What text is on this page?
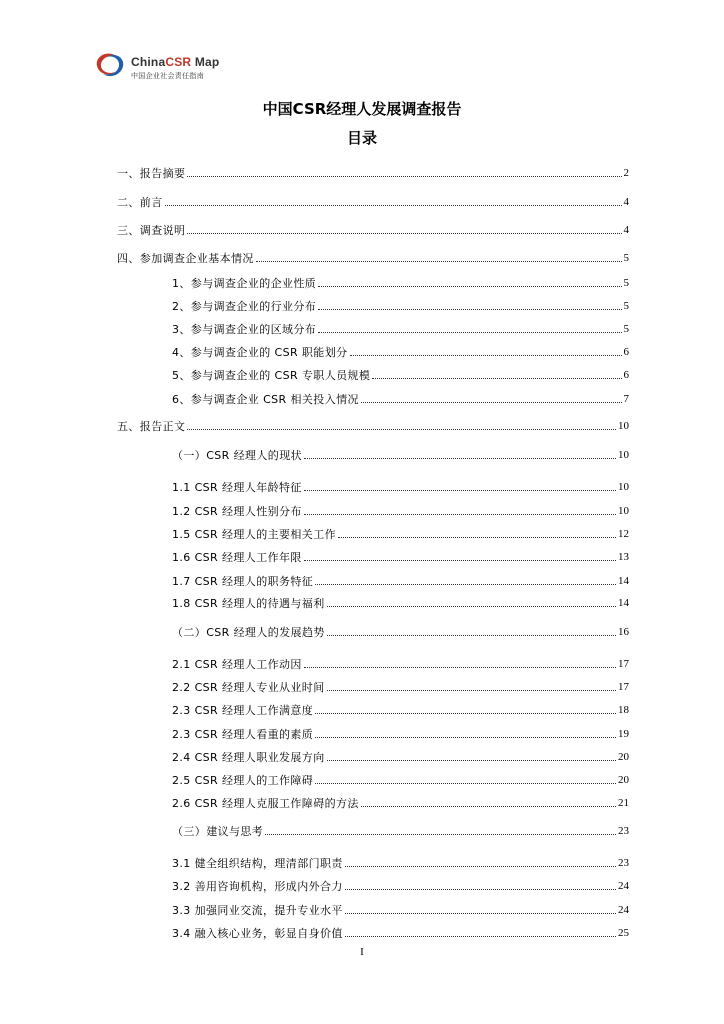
ChinaCSR Map
中国企业社会责任指南
中国CSR经理人发展调查报告
目录
一、报告摘要	2
二、前言	4
三、调查说明	4
四、参加调查企业基本情况	5
1、参与调查企业的企业性质	5
2、参与调查企业的行业分布	5
3、参与调查企业的区域分布	5
4、参与调查企业的 CSR 职能划分	6
5、参与调查企业的 CSR 专职人员规模	6
6、参与调查企业 CSR 相关投入情况	7
五、报告正文	10
（一）CSR 经理人的现状	10
1.1 CSR 经理人年龄特征	10
1.2 CSR 经理人性别分布	10
1.5 CSR 经理人的主要相关工作	12
1.6 CSR 经理人工作年限	13
1.7 CSR 经理人的职务特征	14
1.8 CSR 经理人的待遇与福利	14
（二）CSR 经理人的发展趋势	16
2.1 CSR 经理人工作动因	17
2.2 CSR 经理人专业从业时间	17
2.3 CSR 经理人工作满意度	18
2.3 CSR 经理人看重的素质	19
2.4 CSR 经理人职业发展方向	20
2.5 CSR 经理人的工作障碍	20
2.6 CSR 经理人克服工作障碍的方法	21
（三）建议与思考	23
3.1 健全组织结构，理清部门职责	23
3.2 善用咨询机构，形成内外合力	24
3.3 加强同业交流，提升专业水平	24
3.4 融入核心业务，彰显自身价值	25
I
